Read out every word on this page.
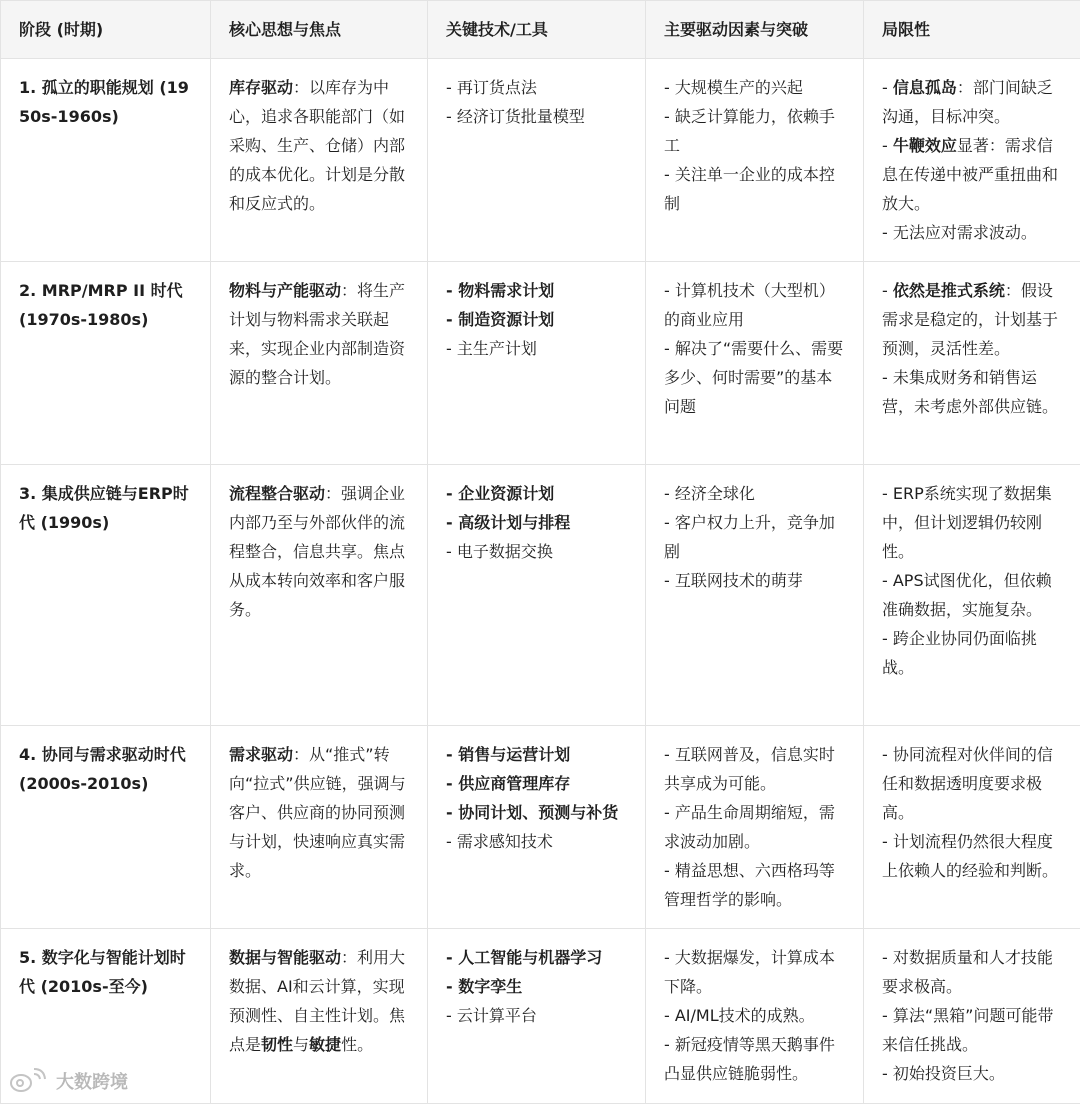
阶段 (时期)	核心思想与焦点	关键技术/工具	主要驱动因素与突破	局限性
1. 孤立的职能规划 (1950s-1960s)	库存驱动：以库存为中心，追求各职能部门（如采购、生产、仓储）内部的成本优化。计划是分散和反应式的。	- 再订货点法
- 经济订货批量模型	- 大规模生产的兴起
- 缺乏计算能力，依赖手工
- 关注单一企业的成本控制	- 信息孤岛：部门间缺乏沟通，目标冲突。
- 牛鞭效应显著：需求信息在传递中被严重扭曲和放大。
- 无法应对需求波动。

2. MRP/MRP II 时代 (1970s-1980s)	物料与产能驱动：将生产计划与物料需求关联起来，实现企业内部制造资源的整合计划。	- 物料需求计划
- 制造资源计划
- 主生产计划	- 计算机技术（大型机）的商业应用
- 解决了“需要什么、需要多少、何时需要”的基本问题	- 依然是推式系统：假设需求是稳定的，计划基于预测，灵活性差。
- 未集成财务和销售运营，未考虑外部供应链。

3. 集成供应链与ERP时代 (1990s)	流程整合驱动：强调企业内部乃至与外部伙伴的流程整合，信息共享。焦点从成本转向效率和客户服务。	- 企业资源计划
- 高级计划与排程
- 电子数据交换	- 经济全球化
- 客户权力上升，竞争加剧
- 互联网技术的萌芽	- ERP系统实现了数据集中，但计划逻辑仍较刚性。
- APS试图优化，但依赖准确数据，实施复杂。
- 跨企业协同仍面临挑战。

4. 协同与需求驱动时代 (2000s-2010s)	需求驱动：从“推式”转向“拉式”供应链，强调与客户、供应商的协同预测与计划，快速响应真实需求。	- 销售与运营计划
- 供应商管理库存
- 协同计划、预测与补货
- 需求感知技术	- 互联网普及，信息实时共享成为可能。
- 产品生命周期缩短，需求波动加剧。
- 精益思想、六西格玛等管理哲学的影响。	- 协同流程对伙伴间的信任和数据透明度要求极高。
- 计划流程仍然很大程度上依赖人的经验和判断。

5. 数字化与智能计划时代 (2010s-至今)	数据与智能驱动：利用大数据、AI和云计算，实现预测性、自主性计划。焦点是韧性与敏捷性。	- 人工智能与机器学习
- 数字孪生
- 云计算平台	- 大数据爆发，计算成本下降。
- AI/ML技术的成熟。
- 新冠疫情等黑天鹅事件凸显供应链脆弱性。	- 对数据质量和人才技能要求极高。
- 算法“黑箱”问题可能带来信任挑战。
- 初始投资巨大。
大数跨境
